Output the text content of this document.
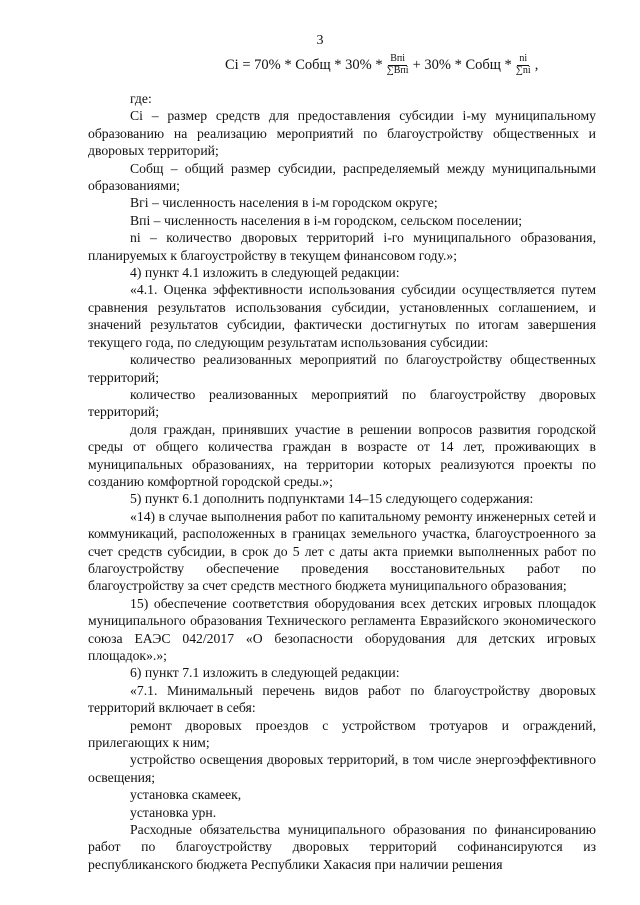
3
Ci = 70% * Cобщ * $30\% * \frac{\text{Bпi}}{\text{∑Bпi}} + 30\%$ * Cобщ * $\frac{ni}{\sum ni}$ ,

где:

Ci – размер средств для предоставления субсидии i-му муниципальному образованию на реализацию мероприятий по благоустройству общественных и дворовых территорий;

Cобщ – общий размер субсидии, распределяемый между муниципальными образованиями;

Bгi – численность населения в i-м городском округе;

Bпi – численность населения в i-м городском, сельском поселении;

ni – количество дворовых территорий i-го муниципального образования, планируемых к благоустройству в текущем финансовом году.»;

4) пункт 4.1 изложить в следующей редакции:

«4.1. Оценка эффективности использования субсидии осуществляется путем сравнения результатов использования субсидии, установленных соглашением, и значений результатов субсидии, фактически достигнутых по итогам завершения текущего года, по следующим результатам использования субсидии:

количество реализованных мероприятий по благоустройству общественных территорий;

количество реализованных мероприятий по благоустройству дворовых территорий;

доля граждан, принявших участие в решении вопросов развития городской среды от общего количества граждан в возрасте от 14 лет, проживающих в муниципальных образованиях, на территории которых реализуются проекты по созданию комфортной городской среды.»;

5) пункт 6.1 дополнить подпунктами 14–15 следующего содержания:

«14) в случае выполнения работ по капитальному ремонту инженерных сетей и коммуникаций, расположенных в границах земельного участка, благоустроенного за счет средств субсидии, в срок до 5 лет с даты акта приемки выполненных работ по благоустройству обеспечение проведения восстановительных работ по благоустройству за счет средств местного бюджета муниципального образования;

15) обеспечение соответствия оборудования всех детских игровых площадок муниципального образования Технического регламента Евразийского экономического союза ЕАЭС 042/2017 «О безопасности оборудования для детских игровых площадок».»;

6) пункт 7.1 изложить в следующей редакции:

«7.1. Минимальный перечень видов работ по благоустройству дворовых территорий включает в себя:

ремонт дворовых проездов с устройством тротуаров и ограждений, прилегающих к ним;

устройство освещения дворовых территорий, в том числе энергоэффективного освещения;

установка скамеек,

установка урн.

Расходные обязательства муниципального образования по финансированию работ по благоустройству дворовых территорий софинансируются из республиканского бюджета Республики Хакасия при наличии решения
